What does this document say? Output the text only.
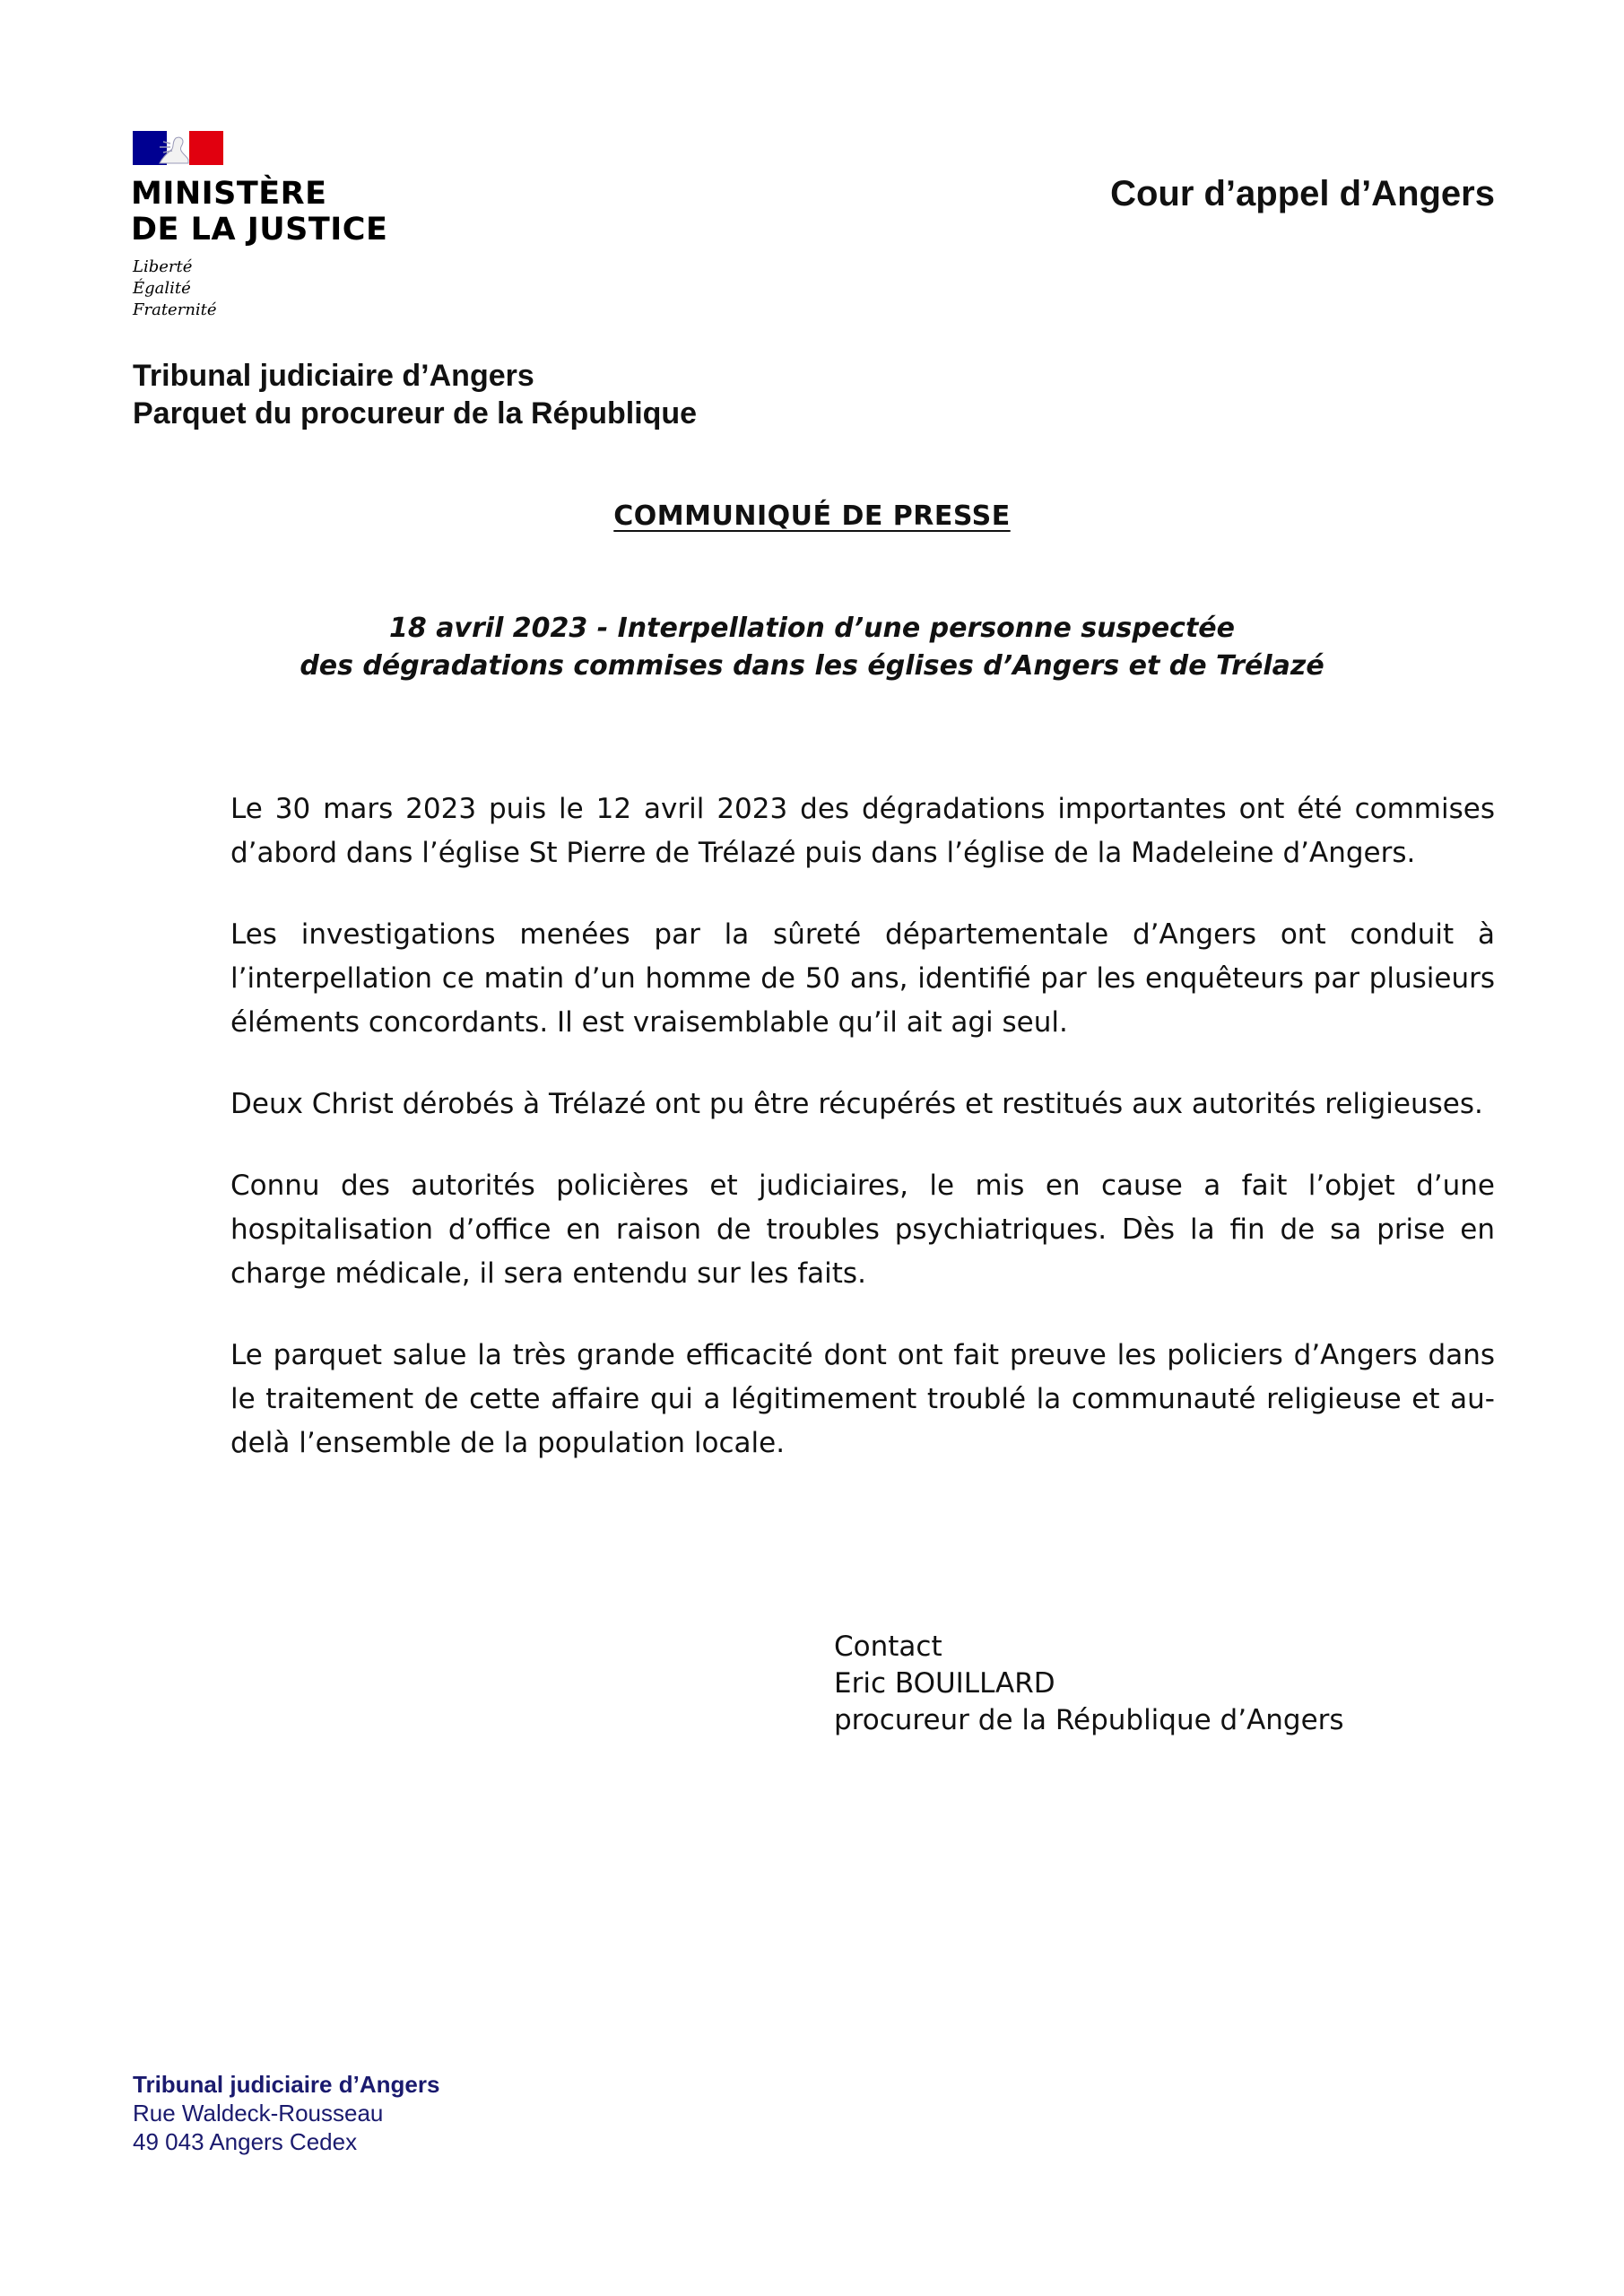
MINISTÈRE
DE LA JUSTICE
Liberté
Égalité
Fraternité
Cour d’appel d’Angers
Tribunal judiciaire d’Angers
Parquet du procureur de la République
COMMUNIQUÉ DE PRESSE
18 avril 2023 - Interpellation d’une personne suspectée
des dégradations commises dans les églises d’Angers et de Trélazé

Le 30 mars 2023 puis le 12 avril 2023 des dégradations importantes ont été commises d’abord dans l’église St Pierre de Trélazé puis dans l’église de la Madeleine d’Angers.

Les investigations menées par la sûreté départementale d’Angers ont conduit à l’interpellation ce matin d’un homme de 50 ans, identifié par les enquêteurs par plusieurs éléments concordants. Il est vraisemblable qu’il ait agi seul.

Deux Christ dérobés à Trélazé ont pu être récupérés et restitués aux autorités religieuses.

Connu des autorités policières et judiciaires, le mis en cause a fait l’objet d’une hospitalisation d’office en raison de troubles psychiatriques. Dès la fin de sa prise en charge médicale, il sera entendu sur les faits.

Le parquet salue la très grande efficacité dont ont fait preuve les policiers d’Angers dans le traitement de cette affaire qui a légitimement troublé la communauté religieuse et au-delà l’ensemble de la population locale.

Contact
Eric BOUILLARD
procureur de la République d’Angers
Tribunal judiciaire d’Angers
Rue Waldeck-Rousseau
49 043 Angers Cedex
